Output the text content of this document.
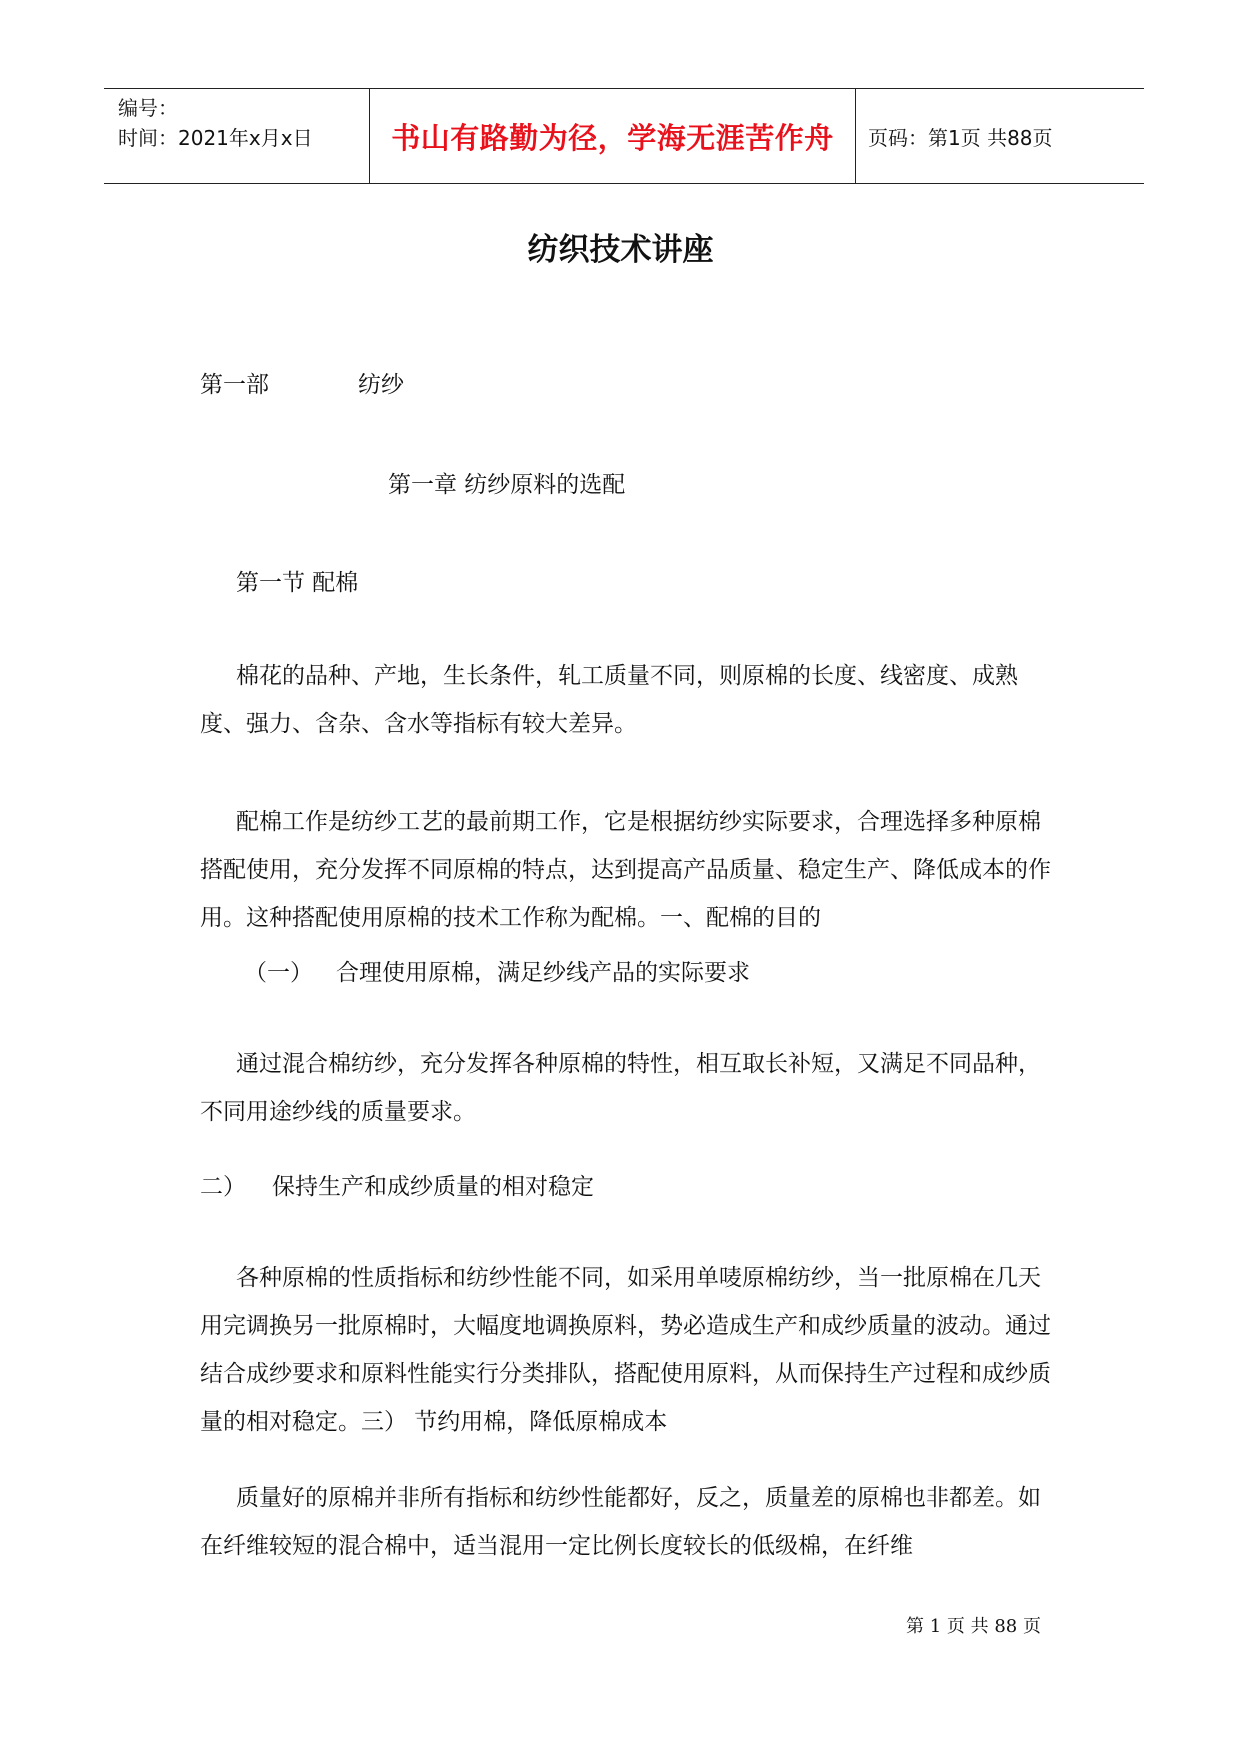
编号：
时间：2021年x月x日	书山有路勤为径，学海无涯苦作舟 页码：第1页 共88页
纺织技术讲座
第一部	纺纱
第一章 纺纱原料的选配
第一节 配棉
棉花的品种、产地，生长条件，轧工质量不同，则原棉的长度、线密度、成熟度、强力、含杂、含水等指标有较大差异。
配棉工作是纺纱工艺的最前期工作，它是根据纺纱实际要求，合理选择多种原棉搭配使用，充分发挥不同原棉的特点，达到提高产品质量、稳定生产、降低成本的作用。这种搭配使用原棉的技术工作称为配棉。一、配棉的目的
（一） 合理使用原棉，满足纱线产品的实际要求
通过混合棉纺纱，充分发挥各种原棉的特性，相互取长补短，又满足不同品种，不同用途纱线的质量要求。
二） 保持生产和成纱质量的相对稳定
各种原棉的性质指标和纺纱性能不同，如采用单唛原棉纺纱，当一批原棉在几天用完调换另一批原棉时，大幅度地调换原料，势必造成生产和成纱质量的波动。通过结合成纱要求和原料性能实行分类排队，搭配使用原料，从而保持生产过程和成纱质量的相对稳定。三） 节约用棉，降低原棉成本
质量好的原棉并非所有指标和纺纱性能都好，反之，质量差的原棉也非都差。如在纤维较短的混合棉中，适当混用一定比例长度较长的低级棉，在纤维
第 1 页 共 88 页
